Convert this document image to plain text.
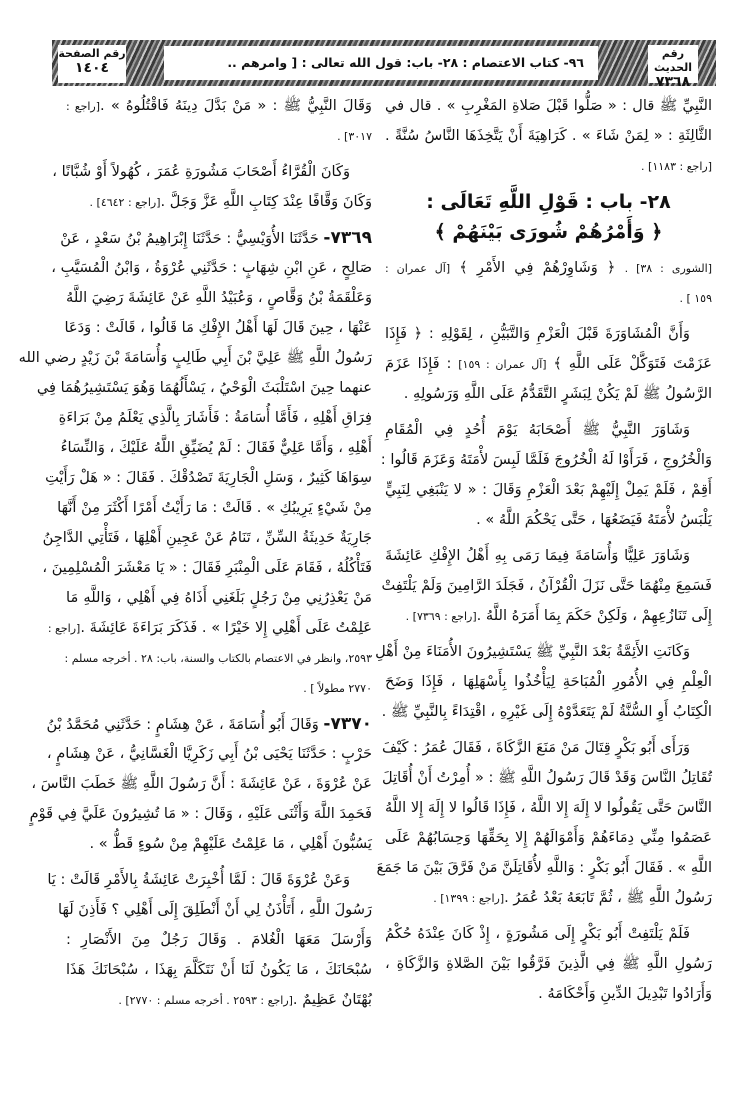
رقم الحديث
٧٣٦٨
٩٦- كتاب الاعتصام : ٢٨- باب: قول الله تعالى : [ وامرهم ..
رقم الصفحة
١٤٠٤
النَّبِيِّ ﷺ قال : « صَلُّوا قَبْلَ صَلاةِ المَغْرِبِ » . قال في
الثَّالِثَةِ : « لِمَنْ شَاءَ » . كَرَاهِيَةَ أَنْ يَتَّخِذَهَا النَّاسُ سُنَّةً .
[راجع : ١١٨٣] .
٢٨- باب : قَوْلِ اللَّهِ تَعَالَى :
﴿ وَأَمْرُهُمْ شُورَى بَيْنَهُمْ ﴾
[الشورى : ٣٨] . ﴿ وَشَاوِرْهُمْ فِي الأَمْرِ ﴾ [آل عمران :
١٥٩ ] .
وَأَنَّ الْمُشَاوَرَةَ قَبْلَ الْعَزْمِ وَالتَّبَيُّنِ ، لِقَوْلِهِ : ﴿ فَإِذَا
عَزَمْتَ فَتَوَكَّلْ عَلَى اللَّهِ ﴾ [آل عمران : ١٥٩] : فَإِذَا عَزَمَ
الرَّسُولُ ﷺ لَمْ يَكُنْ لِبَشَرٍ التَّقَدُّمُ عَلَى اللَّهِ وَرَسُولِهِ .
وَشَاوَرَ النَّبِيُّ ﷺ أَصْحَابَهُ يَوْمَ أُحُدٍ فِي الْمُقَامِ
وَالْخُرُوجِ ، فَرَأَوْا لَهُ الْخُرُوجَ فَلَمَّا لَبِسَ لأْمَتَهُ وَعَزَمَ قَالُوا :
أَقِمْ ، فَلَمْ يَمِلْ إِلَيْهِمْ بَعْدَ الْعَزْمِ وَقَالَ : « لا يَنْبَغِي لِنَبِيٍّ
يَلْبَسُ لأْمَتَهُ فَيَضَعُهَا ، حَتَّى يَحْكُمَ اللَّهُ » .
وَشَاوَرَ عَلِيًّا وَأُسَامَةَ فِيمَا رَمَى بِهِ أَهْلُ الإِفْكِ عَائِشَةَ
فَسَمِعَ مِنْهُمَا حَتَّى نَزَلَ الْقُرْآنُ ، فَجَلَدَ الرَّامِينَ وَلَمْ يَلْتَفِتْ
إِلَى تَنَازُعِهِمْ ، وَلَكِنْ حَكَمَ بِمَا أَمَرَهُ اللَّهُ .[راجع : ٧٣٦٩] .
وَكَانَتِ الأَئِمَّةُ بَعْدَ النَّبِيِّ ﷺ يَسْتَشِيرُونَ الأُمَنَاءَ مِنْ أَهْلِ
الْعِلْمِ فِي الأُمُورِ الْمُبَاحَةِ لِيَأْخُذُوا بِأَسْهَلِهَا ، فَإِذَا وَضَحَ
الْكِتَابُ أَوِ السُّنَّةُ لَمْ يَتَعَدَّوْهُ إِلَى غَيْرِهِ ، اقْتِدَاءً بِالنَّبِيِّ ﷺ .
وَرَأَى أَبُو بَكْرٍ قِتَالَ مَنْ مَنَعَ الزَّكَاةَ ، فَقَالَ عُمَرُ : كَيْفَ
تُقَاتِلُ النَّاسَ وَقَدْ قَالَ رَسُولُ اللَّهِ ﷺ : « أُمِرْتُ أَنْ أُقَاتِلَ
النَّاسَ حَتَّى يَقُولُوا لا إِلَهَ إِلا اللَّهُ ، فَإِذَا قَالُوا لا إِلَهَ إِلا اللَّهُ
عَصَمُوا مِنِّي دِمَاءَهُمْ وَأَمْوَالَهُمْ إِلا بِحَقِّهَا وَحِسَابُهُمْ عَلَى
اللَّهِ » . فَقَالَ أَبُو بَكْرٍ : وَاللَّهِ لأُقَاتِلَنَّ مَنْ فَرَّقَ بَيْنَ مَا جَمَعَ
رَسُولُ اللَّهِ ﷺ ، ثُمَّ تَابَعَهُ بَعْدُ عُمَرُ .[راجع : ١٣٩٩] .
فَلَمْ يَلْتَفِتْ أَبُو بَكْرٍ إِلَى مَشُورَةٍ ، إِذْ كَانَ عِنْدَهُ حُكْمُ
رَسُولِ اللَّهِ ﷺ فِي الَّذِينَ فَرَّقُوا بَيْنَ الصَّلاةِ وَالزَّكَاةِ ،
وَأَرَادُوا تَبْدِيلَ الدِّينِ وَأَحْكَامَهُ .
وَقَالَ النَّبِيُّ ﷺ : « مَنْ بَدَّلَ دِينَهُ فَاقْتُلُوهُ » .[راجع :
٣٠١٧] .
وَكَانَ الْقُرَّاءُ أَصْحَابَ مَشُورَةِ عُمَرَ ، كُهُولاً أَوْ شُبَّانًا ،
وَكَانَ وَقَّافًا عِنْدَ كِتَابِ اللَّهِ عَزَّ وَجَلَّ .[راجع : ٤٦٤٢] .
٧٣٦٩- حَدَّثَنَا الأُوَيْسِيُّ : حَدَّثَنَا إِبْرَاهِيمُ بْنُ سَعْدٍ ، عَنْ
صَالِحٍ ، عَنِ ابْنِ شِهَابٍ : حَدَّثَنِي عُرْوَةُ ، وَابْنُ الْمُسَيَّبِ ،
وَعَلْقَمَةُ بْنُ وَقَّاصٍ ، وَعُبَيْدُ اللَّهِ عَنْ عَائِشَةَ رَضِيَ اللَّهُ
عَنْهَا ، حِينَ قَالَ لَهَا أَهْلُ الإِفْكِ مَا قَالُوا ، قَالَتْ : وَدَعَا
رَسُولُ اللَّهِ ﷺ عَلِيَّ بْنَ أَبِي طَالِبٍ وَأُسَامَةَ بْنَ زَيْدٍ رضي الله
عنهما حِينَ اسْتَلْبَثَ الْوَحْيُ ، يَسْأَلُهُمَا وَهُوَ يَسْتَشِيرُهُمَا فِي
فِرَاقِ أَهْلِهِ ، فَأَمَّا أُسَامَةُ : فَأَشَارَ بِالَّذِي يَعْلَمُ مِنْ بَرَاءَةِ
أَهْلِهِ ، وَأَمَّا عَلِيٌّ فَقَالَ : لَمْ يُضَيِّقِ اللَّهُ عَلَيْكَ ، وَالنِّسَاءُ
سِوَاهَا كَثِيرٌ ، وَسَلِ الْجَارِيَةَ تَصْدُقْكَ . فَقَالَ : « هَلْ رَأَيْتِ
مِنْ شَيْءٍ يَرِيبُكِ » . قَالَتْ : مَا رَأَيْتُ أَمْرًا أَكْثَرَ مِنْ أَنَّهَا
جَارِيَةٌ حَدِيثَةُ السِّنِّ ، تَنَامُ عَنْ عَجِينِ أَهْلِهَا ، فَتَأْتِي الدَّاجِنُ
فَتَأْكُلُهُ ، فَقَامَ عَلَى الْمِنْبَرِ فَقَالَ : « يَا مَعْشَرَ الْمُسْلِمِينَ ،
مَنْ يَعْذِرُنِي مِنْ رَجُلٍ بَلَغَنِي أَذَاهُ فِي أَهْلِي ، وَاللَّهِ مَا
عَلِمْتُ عَلَى أَهْلِي إِلا خَيْرًا » . فَذَكَرَ بَرَاءَةَ عَائِشَةَ .[راجع :
٢٥٩٣، وانظر في الاعتصام بالكتاب والسنة، باب: ٢٨ . أخرجه مسلم :
٢٧٧٠ مطولاً ] .
٧٣٧٠- وَقَالَ أَبُو أُسَامَةَ ، عَنْ هِشَامٍ : حَدَّثَنِي مُحَمَّدُ بْنُ
حَرْبٍ : حَدَّثَنَا يَحْيَى بْنُ أَبِي زَكَرِيَّا الْغَسَّانِيُّ ، عَنْ هِشَامٍ ،
عَنْ عُرْوَةَ ، عَنْ عَائِشَةَ : أَنَّ رَسُولَ اللَّهِ ﷺ خَطَبَ النَّاسَ ،
فَحَمِدَ اللَّهَ وَأَثْنَى عَلَيْهِ ، وَقَالَ : « مَا تُشِيرُونَ عَلَيَّ فِي قَوْمٍ
يَسُبُّونَ أَهْلِي ، مَا عَلِمْتُ عَلَيْهِمْ مِنْ سُوءٍ قَطُّ » .
وَعَنْ عُرْوَةَ قَالَ : لَمَّا أُخْبِرَتْ عَائِشَةُ بِالأَمْرِ قَالَتْ : يَا
رَسُولَ اللَّهِ ، أَتَأْذَنُ لِي أَنْ أَنْطَلِقَ إِلَى أَهْلِي ؟ فَأَذِنَ لَهَا
وَأَرْسَلَ مَعَهَا الْغُلامَ . وَقَالَ رَجُلٌ مِنَ الأَنْصَارِ :
سُبْحَانَكَ ، مَا يَكُونُ لَنَا أَنْ نَتَكَلَّمَ بِهَذَا ، سُبْحَانَكَ هَذَا
بُهْتَانٌ عَظِيمٌ .[راجع : ٢٥٩٣ . أخرجه مسلم : ٢٧٧٠] .
